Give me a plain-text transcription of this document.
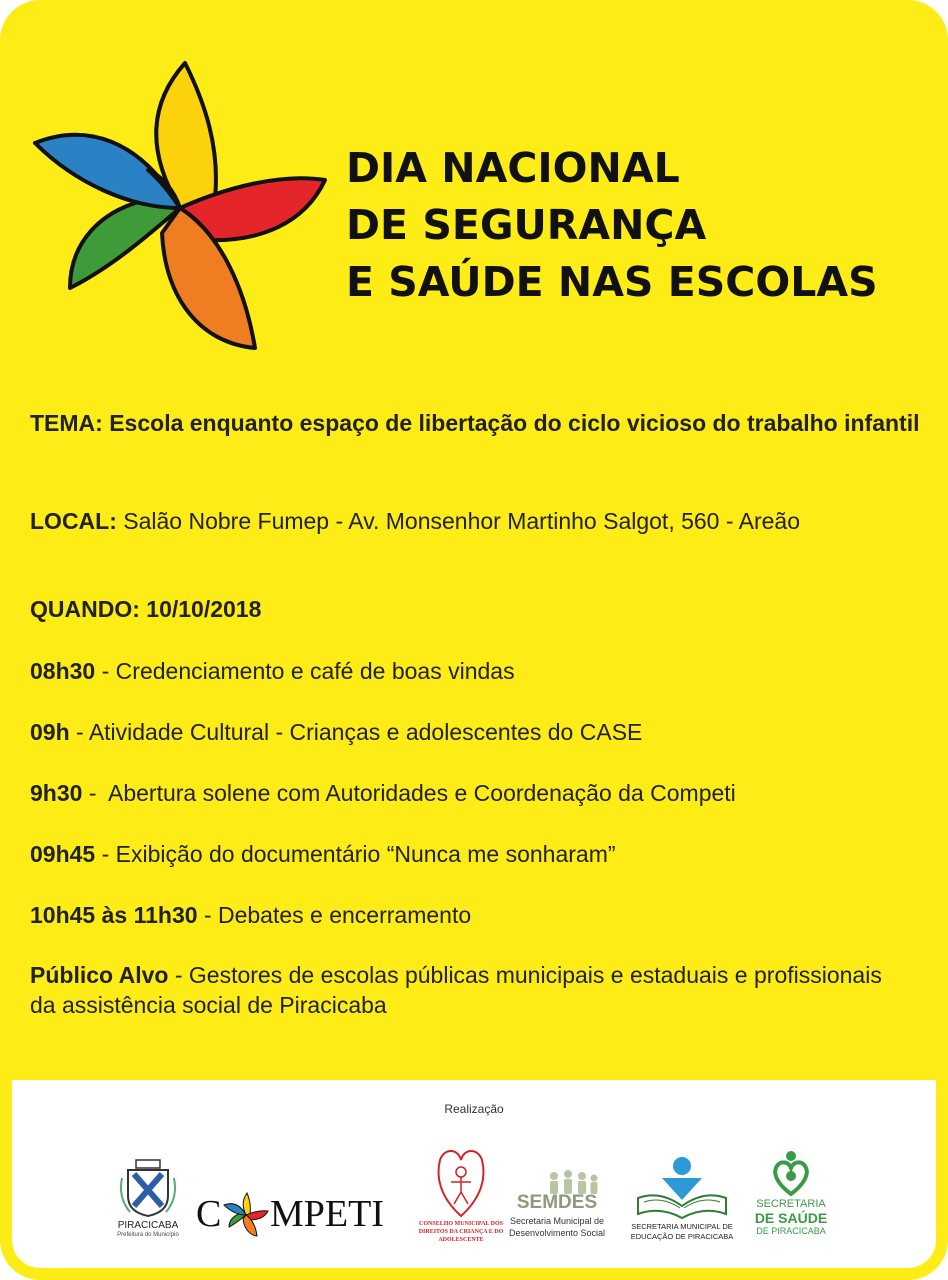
DIA NACIONAL
DE SEGURANÇA
E SAÚDE NAS ESCOLAS

TEMA: Escola enquanto espaço de libertação do ciclo vicioso do trabalho infantil

LOCAL: Salão Nobre Fumep - Av. Monsenhor Martinho Salgot, 560 - Areão

QUANDO: 10/10/2018

08h30 - Credenciamento e café de boas vindas

09h - Atividade Cultural - Crianças e adolescentes do CASE

9h30 -  Abertura solene com Autoridades e Coordenação da Competi

09h45 - Exibição do documentário “Nunca me sonharam”

10h45 às 11h30 - Debates e encerramento

Público Alvo - Gestores de escolas públicas municipais e estaduais e profissionais da assistência social de Piracicaba

Realização
PIRACICABA
Prefeitura do Município C MPETI	CONSELHO MUNICIPAL DOS DIREITOS DA CRIANÇA E DO ADOLESCENTE
SEMDES
Secretaria Municipal de
Desenvolvimento Social
SECRETARIA MUNICIPAL DE
EDUCAÇÃO DE PIRACICABA
SECRETARIA
DE SAÚDE
DE PIRACICABA
